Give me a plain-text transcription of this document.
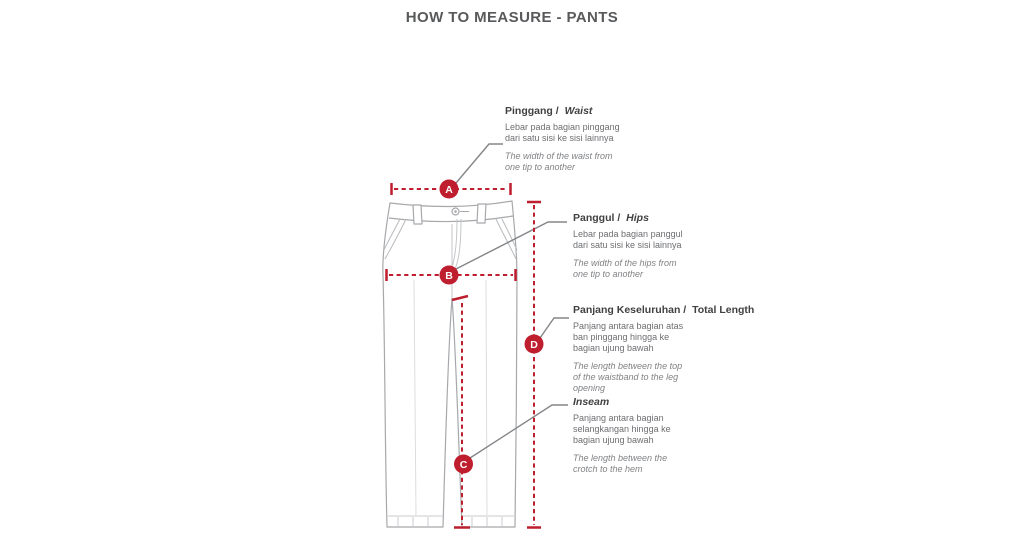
HOW TO MEASURE - PANTS
A
B
C
D
Pinggang / Waist
Lebar pada bagian pinggang
dari satu sisi ke sisi lainnya
The width of the waist from
one tip to another
Panggul / Hips
Lebar pada bagian panggul
dari satu sisi ke sisi lainnya
The width of the hips from
one tip to another
Panjang Keseluruhan / Total Length
Panjang antara bagian atas
ban pinggang hingga ke
bagian ujung bawah
The length between the top
of the waistband to the leg
opening
Inseam
Panjang antara bagian
selangkangan hingga ke
bagian ujung bawah
The length between the
crotch to the hem
